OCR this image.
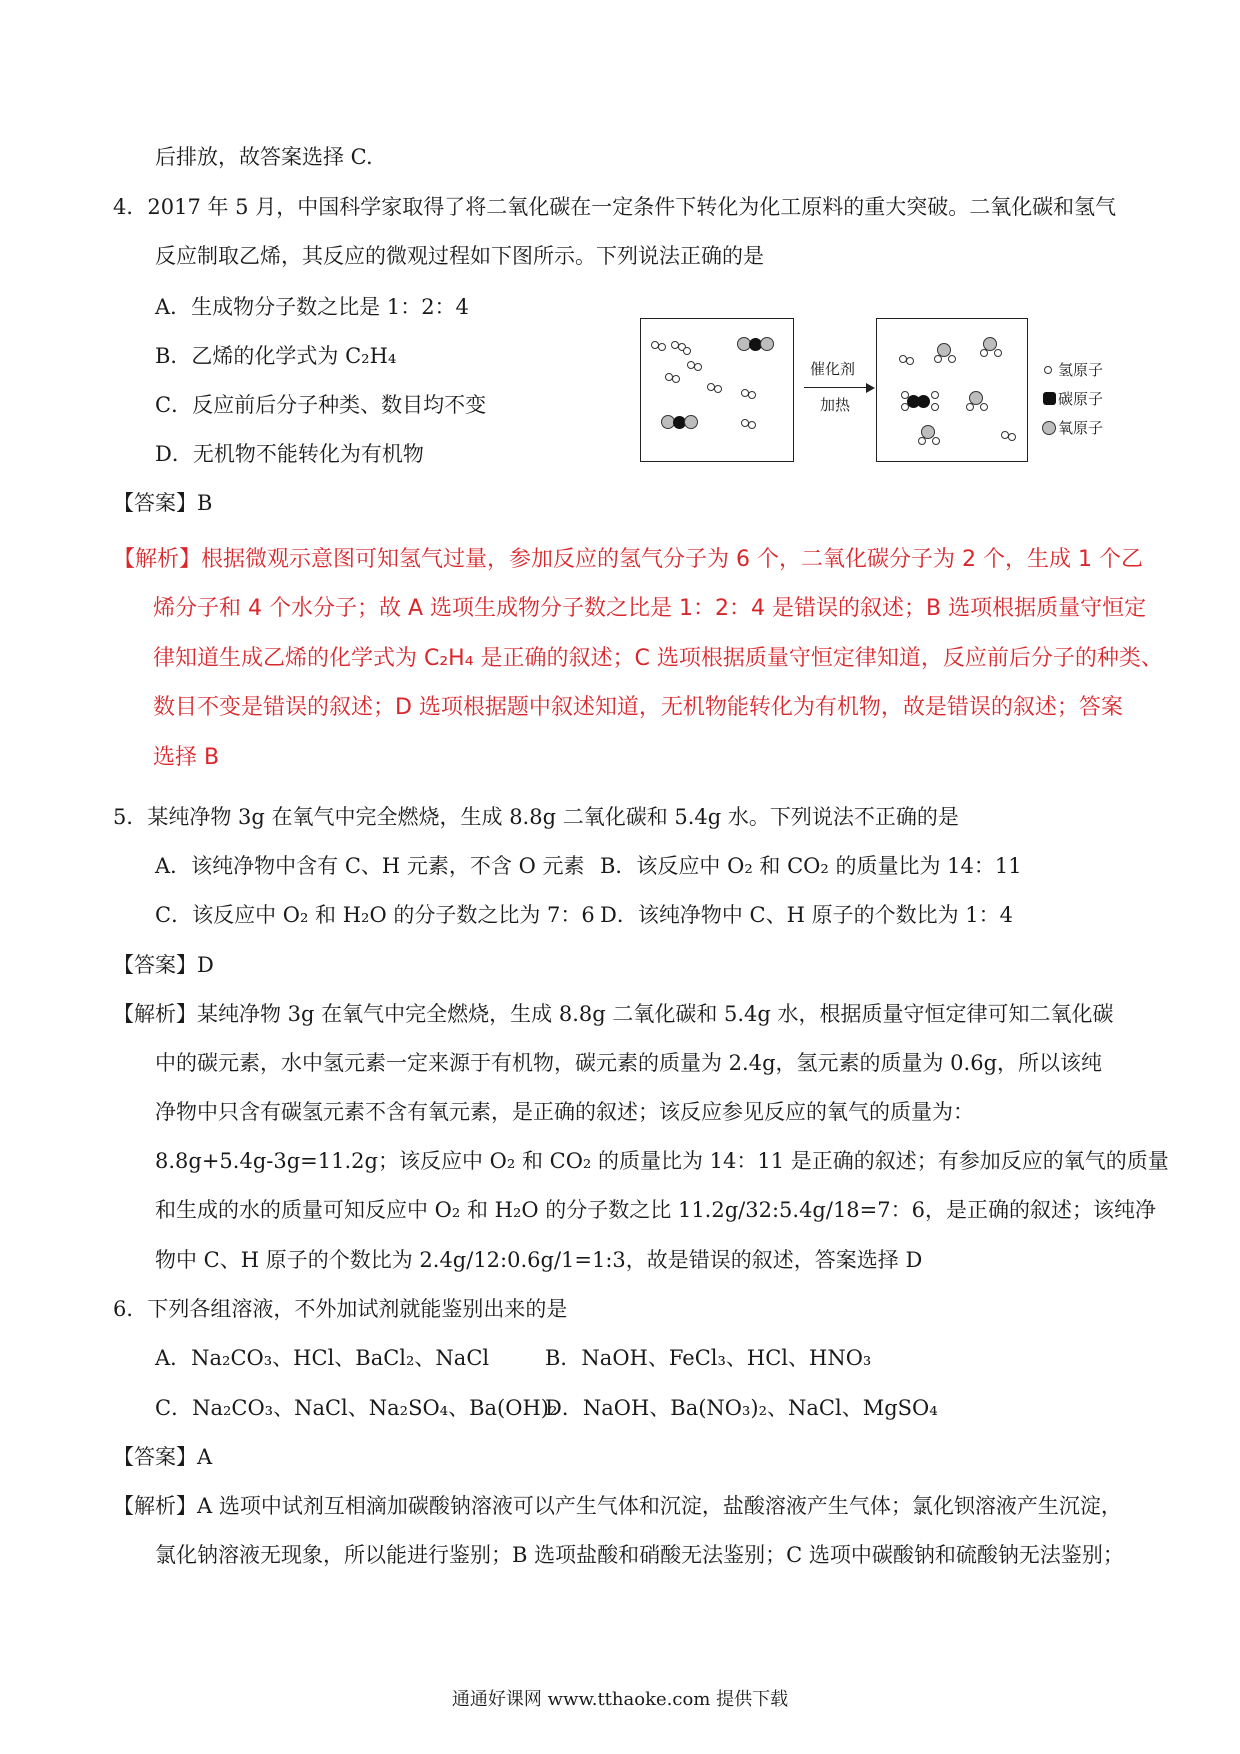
后排放，故答案选择 C.
4．2017 年 5 月，中国科学家取得了将二氧化碳在一定条件下转化为化工原料的重大突破。二氧化碳和氢气
反应制取乙烯，其反应的微观过程如下图所示。下列说法正确的是
A．生成物分子数之比是 1：2：4
B．乙烯的化学式为 C₂H₄
C．反应前后分子种类、数目均不变
D．无机物不能转化为有机物
【答案】B
【解析】根据微观示意图可知氢气过量，参加反应的氢气分子为 6 个，二氧化碳分子为 2 个，生成 1 个乙
烯分子和 4 个水分子；故 A 选项生成物分子数之比是 1：2：4 是错误的叙述；B 选项根据质量守恒定
律知道生成乙烯的化学式为 C₂H₄ 是正确的叙述；C 选项根据质量守恒定律知道，反应前后分子的种类、
数目不变是错误的叙述；D 选项根据题中叙述知道，无机物能转化为有机物，故是错误的叙述；答案
选择 B
5．某纯净物 3g 在氧气中完全燃烧，生成 8.8g 二氧化碳和 5.4g 水。下列说法不正确的是
A．该纯净物中含有 C、H 元素，不含 O 元素 B．该反应中 O₂ 和 CO₂ 的质量比为 14：11
C．该反应中 O₂ 和 H₂O 的分子数之比为 7：6 D．该纯净物中 C、H 原子的个数比为 1：4
【答案】D
【解析】某纯净物 3g 在氧气中完全燃烧，生成 8.8g 二氧化碳和 5.4g 水，根据质量守恒定律可知二氧化碳
中的碳元素，水中氢元素一定来源于有机物，碳元素的质量为 2.4g，氢元素的质量为 0.6g，所以该纯
净物中只含有碳氢元素不含有氧元素，是正确的叙述；该反应参见反应的氧气的质量为：
8.8g+5.4g-3g=11.2g；该反应中 O₂ 和 CO₂ 的质量比为 14：11 是正确的叙述；有参加反应的氧气的质量
和生成的水的质量可知反应中 O₂ 和 H₂O 的分子数之比 11.2g/32:5.4g/18=7：6，是正确的叙述；该纯净
物中 C、H 原子的个数比为 2.4g/12:0.6g/1=1:3，故是错误的叙述，答案选择 D
6．下列各组溶液，不外加试剂就能鉴别出来的是
A．Na₂CO₃、HCl、BaCl₂、NaCl	B．NaOH、FeCl₃、HCl、HNO₃
C．Na₂CO₃、NaCl、Na₂SO₄、Ba(OH)₂
D．NaOH、Ba(NO₃)₂、NaCl、MgSO₄
【答案】A
【解析】A 选项中试剂互相滴加碳酸钠溶液可以产生气体和沉淀，盐酸溶液产生气体；氯化钡溶液产生沉淀，
氯化钠溶液无现象，所以能进行鉴别；B 选项盐酸和硝酸无法鉴别；C 选项中碳酸钠和硫酸钠无法鉴别；
催化剂
加热
氢原子
碳原子
氧原子
通通好课网 www.tthaoke.com 提供下载
